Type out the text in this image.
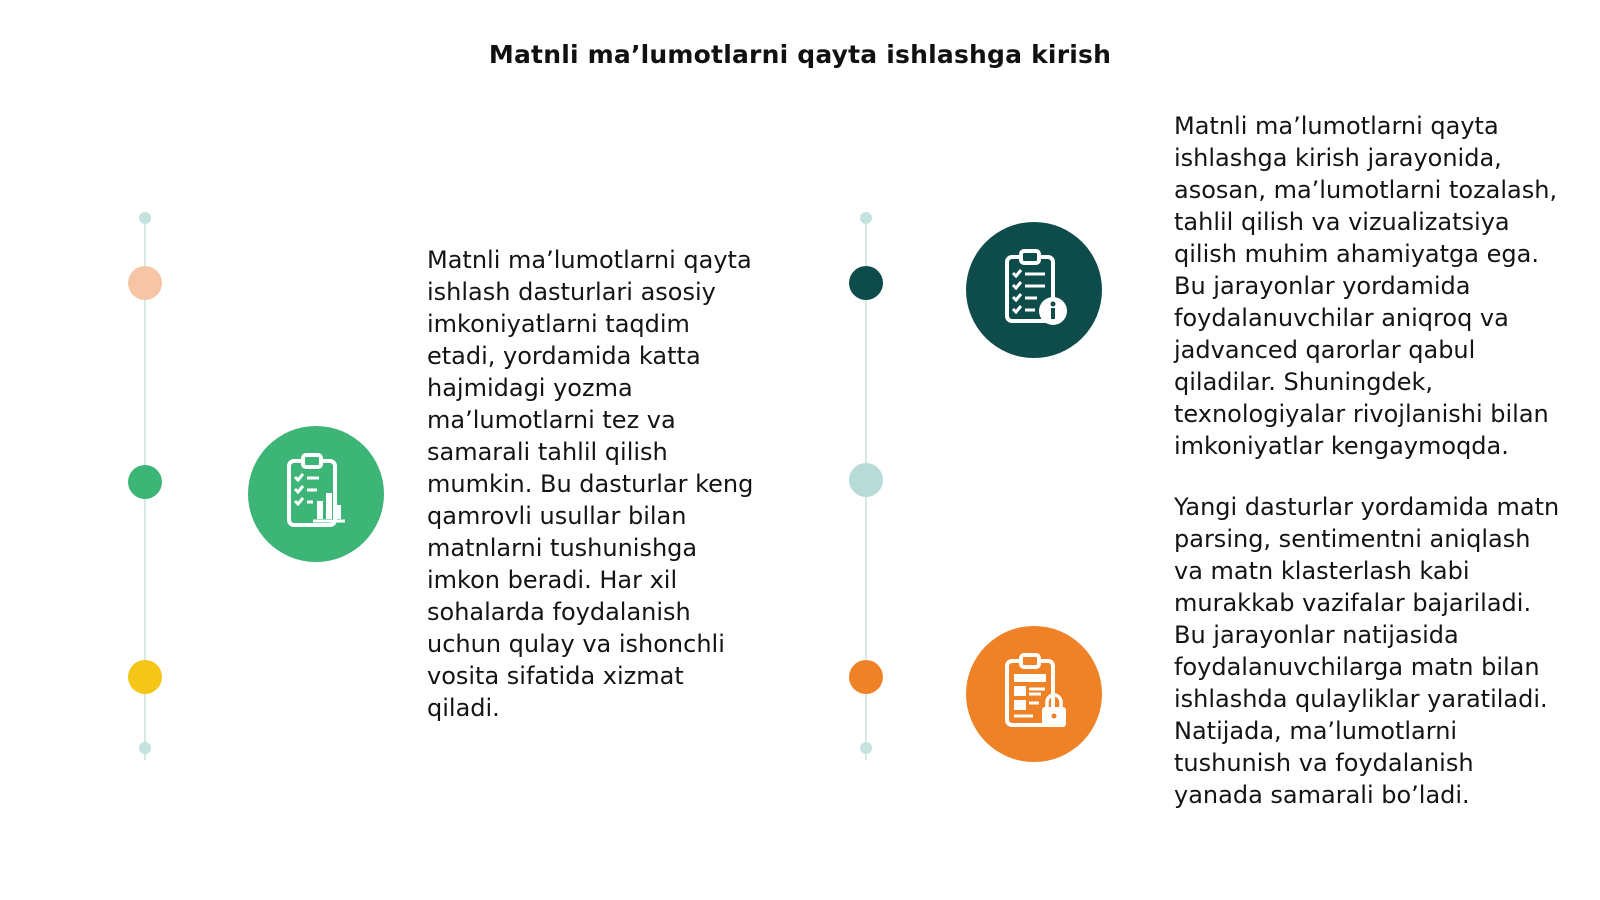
Matnli ma’lumotlarni qayta ishlashga kirish
Matnli ma’lumotlarni qayta ishlash dasturlari asosiy imkoniyatlarni taqdim etadi, yordamida katta hajmidagi yozma ma’lumotlarni tez va samarali tahlil qilish mumkin. Bu dasturlar keng qamrovli usullar bilan matnlarni tushunishga imkon beradi. Har xil sohalarda foydalanish uchun qulay va ishonchli vosita sifatida xizmat qiladi.
Matnli ma’lumotlarni qayta ishlashga kirish jarayonida, asosan, ma’lumotlarni tozalash, tahlil qilish va vizualizatsiya qilish muhim ahamiyatga ega. Bu jarayonlar yordamida foydalanuvchilar aniqroq va jadvanced qarorlar qabul qiladilar. Shuningdek, texnologiyalar rivojlanishi bilan imkoniyatlar kengaymoqda.
Yangi dasturlar yordamida matn parsing, sentimentni aniqlash va matn klasterlash kabi murakkab vazifalar bajariladi. Bu jarayonlar natijasida foydalanuvchilarga matn bilan ishlashda qulayliklar yaratiladi. Natijada, ma’lumotlarni tushunish va foydalanish yanada samarali bo’ladi.
